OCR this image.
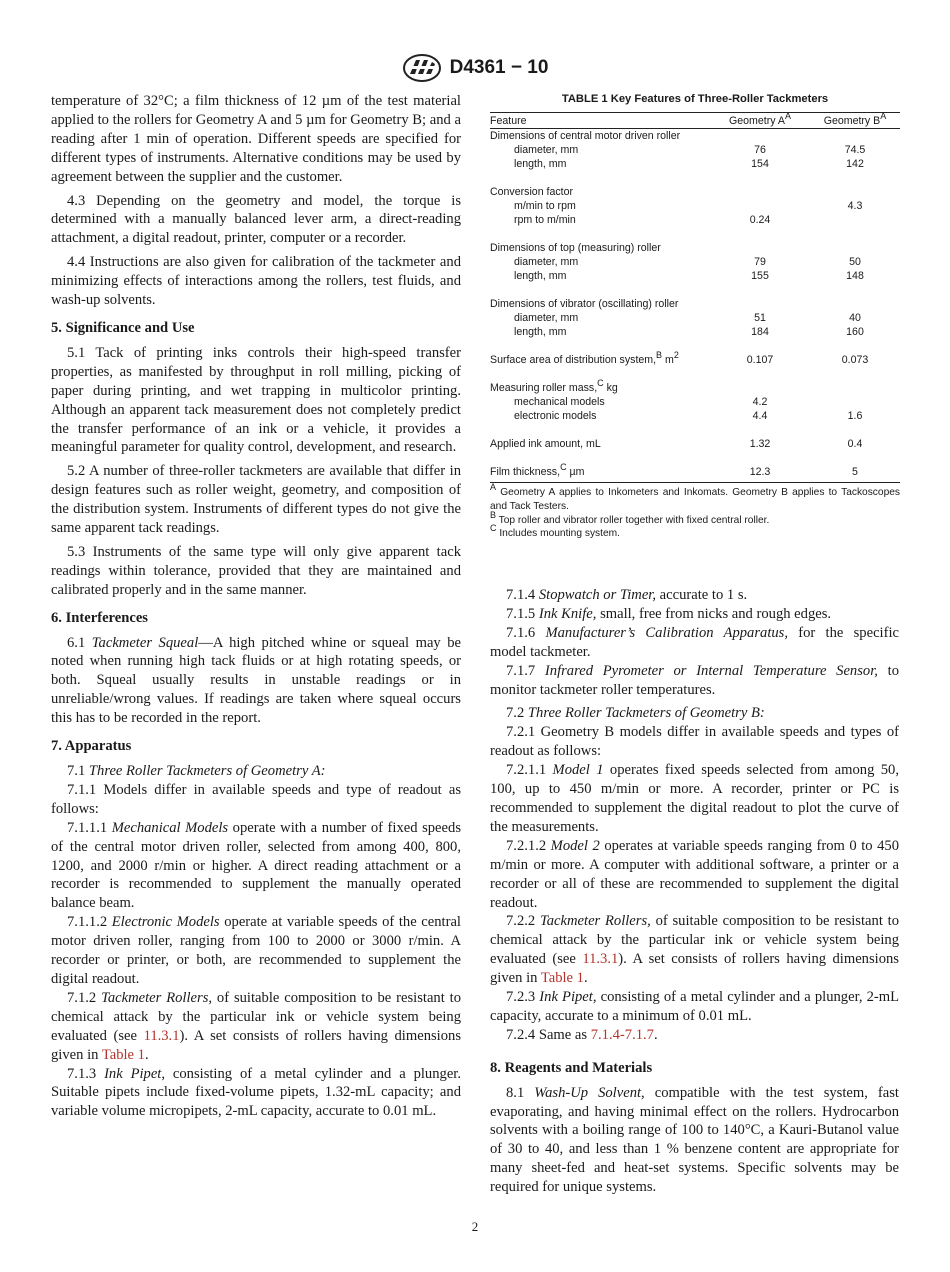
D4361 − 10

temperature of 32°C; a film thickness of 12 µm of the test material applied to the rollers for Geometry A and 5 µm for Geometry B; and a reading after 1 min of operation. Different speeds are specified for different types of instruments. Alternative conditions may be used by agreement between the supplier and the customer.

4.3 Depending on the geometry and model, the torque is determined with a manually balanced lever arm, a direct-reading attachment, a digital readout, printer, computer or a recorder.

4.4 Instructions are also given for calibration of the tackmeter and minimizing effects of interactions among the rollers, test fluids, and wash-up solvents.

5. Significance and Use

5.1 Tack of printing inks controls their high-speed transfer properties, as manifested by throughput in roll milling, picking of paper during printing, and wet trapping in multicolor printing. Although an apparent tack measurement does not completely predict the transfer performance of an ink or a vehicle, it provides a meaningful parameter for quality control, development, and research.

5.2 A number of three-roller tackmeters are available that differ in design features such as roller weight, geometry, and composition of the distribution system. Instruments of different types do not give the same apparent tack readings.

5.3 Instruments of the same type will only give apparent tack readings within tolerance, provided that they are maintained and calibrated properly and in the same manner.

6. Interferences

6.1 Tackmeter Squeal—A high pitched whine or squeal may be noted when running high tack fluids or at high rotating speeds, or both. Squeal usually results in unstable readings or in unreliable/wrong values. If readings are taken where squeal occurs this has to be recorded in the report.

7. Apparatus

7.1 Three Roller Tackmeters of Geometry A:

7.1.1 Models differ in available speeds and type of readout as follows:

7.1.1.1 Mechanical Models operate with a number of fixed speeds of the central motor driven roller, selected from among 400, 800, 1200, and 2000 r/min or higher. A direct reading attachment or a recorder is recommended to supplement the manually operated balance beam.

7.1.1.2 Electronic Models operate at variable speeds of the central motor driven roller, ranging from 100 to 2000 or 3000 r/min. A recorder or printer, or both, are recommended to supplement the digital readout.

7.1.2 Tackmeter Rollers, of suitable composition to be resistant to chemical attack by the particular ink or vehicle system being evaluated (see 11.3.1). A set consists of rollers having dimensions given in Table 1.

7.1.3 Ink Pipet, consisting of a metal cylinder and a plunger. Suitable pipets include fixed-volume pipets, 1.32-mL capacity; and variable volume micropipets, 2-mL capacity, accurate to 0.01 mL.

TABLE 1 Key Features of Three-Roller Tackmeters
Feature	Geometry $A^A$	Geometry $B^A$
Dimensions of central motor driven roller		
diameter, mm	76	74.5
length, mm	154	142

Conversion factor		
m/min to rpm		4.3
rpm to m/min	0.24	

Dimensions of top (measuring) roller		
diameter, mm	79	50
length, mm	155	148

Dimensions of vibrator (oscillating) roller		
diameter, mm	51	40
length, mm	184	160

Surface area of distribution system,$^B$ $m^2$	0.107	0.073

Measuring roller mass,$^C$ kg		
mechanical models	4.2	
electronic models	4.4	1.6

Applied ink amount, mL	1.32	0.4

Film thickness,$^C$ µm	12.3	5

$^A$ Geometry A applies to Inkometers and Inkomats. Geometry B applies to Tackoscopes and Tack Testers.

$^B$ Top roller and vibrator roller together with fixed central roller.

$^C$ Includes mounting system.

7.1.4 Stopwatch or Timer, accurate to 1 s.

7.1.5 Ink Knife, small, free from nicks and rough edges.

7.1.6 Manufacturer’s Calibration Apparatus, for the specific model tackmeter.

7.1.7 Infrared Pyrometer or Internal Temperature Sensor, to monitor tackmeter roller temperatures.

7.2 Three Roller Tackmeters of Geometry B:

7.2.1 Geometry B models differ in available speeds and types of readout as follows:

7.2.1.1 Model 1 operates fixed speeds selected from among 50, 100, up to 450 m/min or more. A recorder, printer or PC is recommended to supplement the digital readout to plot the curve of the measurements.

7.2.1.2 Model 2 operates at variable speeds ranging from 0 to 450 m/min or more. A computer with additional software, a printer or a recorder or all of these are recommended to supplement the digital readout.

7.2.2 Tackmeter Rollers, of suitable composition to be resistant to chemical attack by the particular ink or vehicle system being evaluated (see 11.3.1). A set consists of rollers having dimensions given in Table 1.

7.2.3 Ink Pipet, consisting of a metal cylinder and a plunger, 2-mL capacity, accurate to a minimum of 0.01 mL.

7.2.4 Same as 7.1.4-7.1.7.

8. Reagents and Materials

8.1 Wash-Up Solvent, compatible with the test system, fast evaporating, and having minimal effect on the rollers. Hydrocarbon solvents with a boiling range of 100 to 140°C, a Kauri-Butanol value of 30 to 40, and less than 1 % benzene content are appropriate for many sheet-fed and heat-set systems. Specific solvents may be required for unique systems.

2
